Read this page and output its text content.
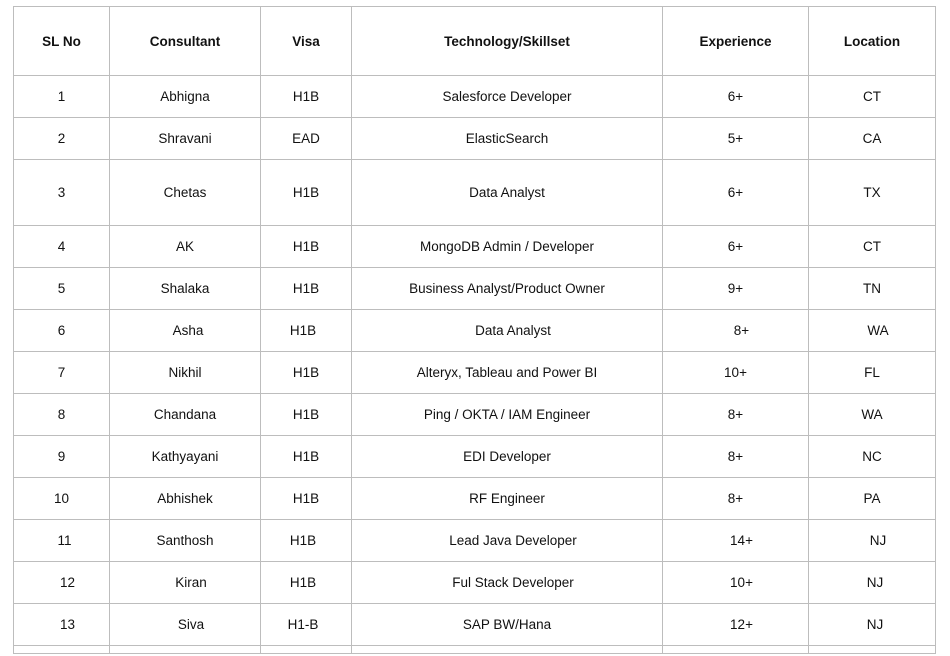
SL No	Consultant	Visa	Technology/Skillset	Experience	Location
1	Abhigna	H1B	Salesforce Developer	6+	CT
2	Shravani	EAD	ElasticSearch	5+	CA
3	Chetas	H1B	Data Analyst	6+	TX
4	AK	H1B	MongoDB Admin / Developer	6+	CT
5	Shalaka	H1B	Business Analyst/Product Owner	9+	TN
6	Asha	H1B	Data Analyst	8+	WA
7	Nikhil	H1B	Alteryx, Tableau and Power BI	10+	FL
8	Chandana	H1B	Ping / OKTA / IAM Engineer	8+	WA
9	Kathyayani	H1B	EDI Developer	8+	NC
10	Abhishek	H1B	RF Engineer	8+	PA
11	Santhosh	H1B	Lead Java Developer	14+	NJ
12	Kiran	H1B	Ful Stack Developer	10+	NJ
13	Siva	H1-B	SAP BW/Hana	12+	NJ
